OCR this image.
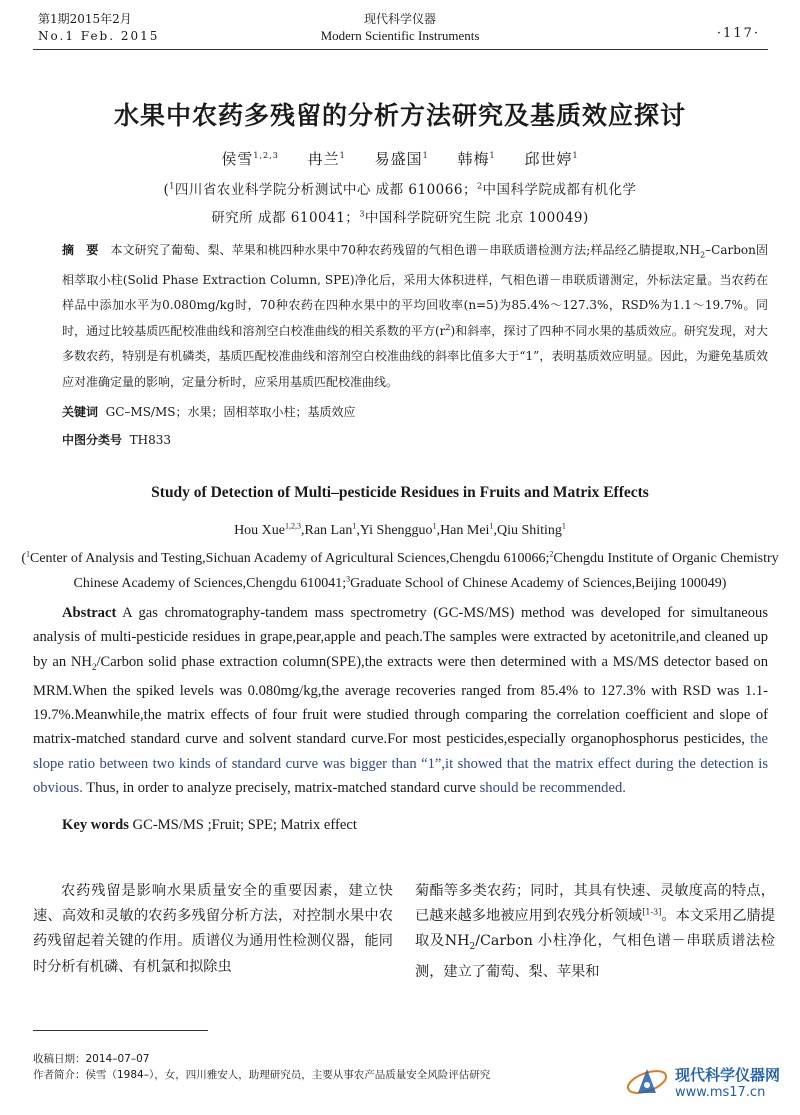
第1期2015年2月
No.1 Feb. 2015
现代科学仪器
Modern Scientific Instruments	·117·
水果中农药多残留的分析方法研究及基质效应探讨
侯雪$^{1,2,3}$ 冉兰$^1$ 易盛国$^1$ 韩梅$^1$ 邱世婷$^1$
($^1$四川省农业科学院分析测试中心 成都 610066；$^2$中国科学院成都有机化学
研究所 成都 610041；$^3$中国科学院研究生院 北京 100049)

摘 要 本文研究了葡萄、梨、苹果和桃四种水果中70种农药残留的气相色谱－串联质谱检测方法;样品经乙腈提取$,NH_2$–Carbon固相萃取小柱(Solid Phase Extraction Column, SPE)净化后，采用大体积进样，气相色谱－串联质谱测定，外标法定量。当农药在样品中添加水平为0.080mg/kg时，70种农药在四种水果中的平均回收率(n=5)为85.4%～127.3%，RSD%为1.1～19.7%。同时，通过比较基质匹配校准曲线和溶剂空白校准曲线的相关系数的平方$(r^2)$和斜率，探讨了四种不同水果的基质效应。研究发现，对大多数农药，特别是有机磷类，基质匹配校准曲线和溶剂空白校准曲线的斜率比值多大于“1”，表明基质效应明显。因此，为避免基质效应对准确定量的影响，定量分析时，应采用基质匹配校准曲线。

关键词 GC–MS/MS；水果；固相萃取小柱；基质效应
中图分类号 TH833
Study of Detection of Multi–pesticide Residues in Fruits and Matrix Effects
Hou Xue$^{1,2,3}$,Ran Lan$^1$,Yi Shengguo$^1$,Han Mei$^1$,Qiu Shiting$^1$
($^1$Center of Analysis and Testing,Sichuan Academy of Agricultural Sciences,Chengdu 610066;$^2$Chengdu Institute of Organic Chemistry
Chinese Academy of Sciences,Chengdu 610041;$^3$Graduate School of Chinese Academy of Sciences,Beijing 100049)

Abstract A gas chromatography-tandem mass spectrometry (GC-MS/MS) method was developed for simultaneous analysis of multi-pesticide residues in grape,pear,apple and peach.The samples were extracted by acetonitrile,and cleaned up by an $NH_2$/Carbon solid phase extraction column(SPE),the extracts were then determined with a MS/MS detector based on MRM.When the spiked levels was 0.080mg/kg,the average recoveries ranged from 85.4% to 127.3% with RSD was 1.1-19.7%.Meanwhile,the matrix effects of four fruit were studied through comparing the correlation coefficient and slope of matrix-matched standard curve and solvent standard curve.For most pesticides,especially organophosphorus pesticides, the slope ratio between two kinds of standard curve was bigger than “1”,it showed that the matrix effect during the detection is obvious. Thus, in order to analyze precisely, matrix-matched standard curve should be recommended.

Key words GC-MS/MS ;Fruit; SPE; Matrix effect

农药残留是影响水果质量安全的重要因素，建立快速、高效和灵敏的农药多残留分析方法，对控制水果中农药残留起着关键的作用。质谱仪为通用性检测仪器，能同时分析有机磷、有机氯和拟除虫

菊酯等多类农药；同时，其具有快速、灵敏度高的特点，已越来越多地被应用到农残分析领域[1-3]。本文采用乙腈提取及$NH_2$/Carbon 小柱净化，气相色谱－串联质谱法检测，建立了葡萄、梨、苹果和

收稿日期：2014–07–07
作者简介：侯雪（1984–），女，四川雅安人，助理研究员，主要从事农产品质量安全风险评估研究	现代科学仪器网
www.ms17.cn
